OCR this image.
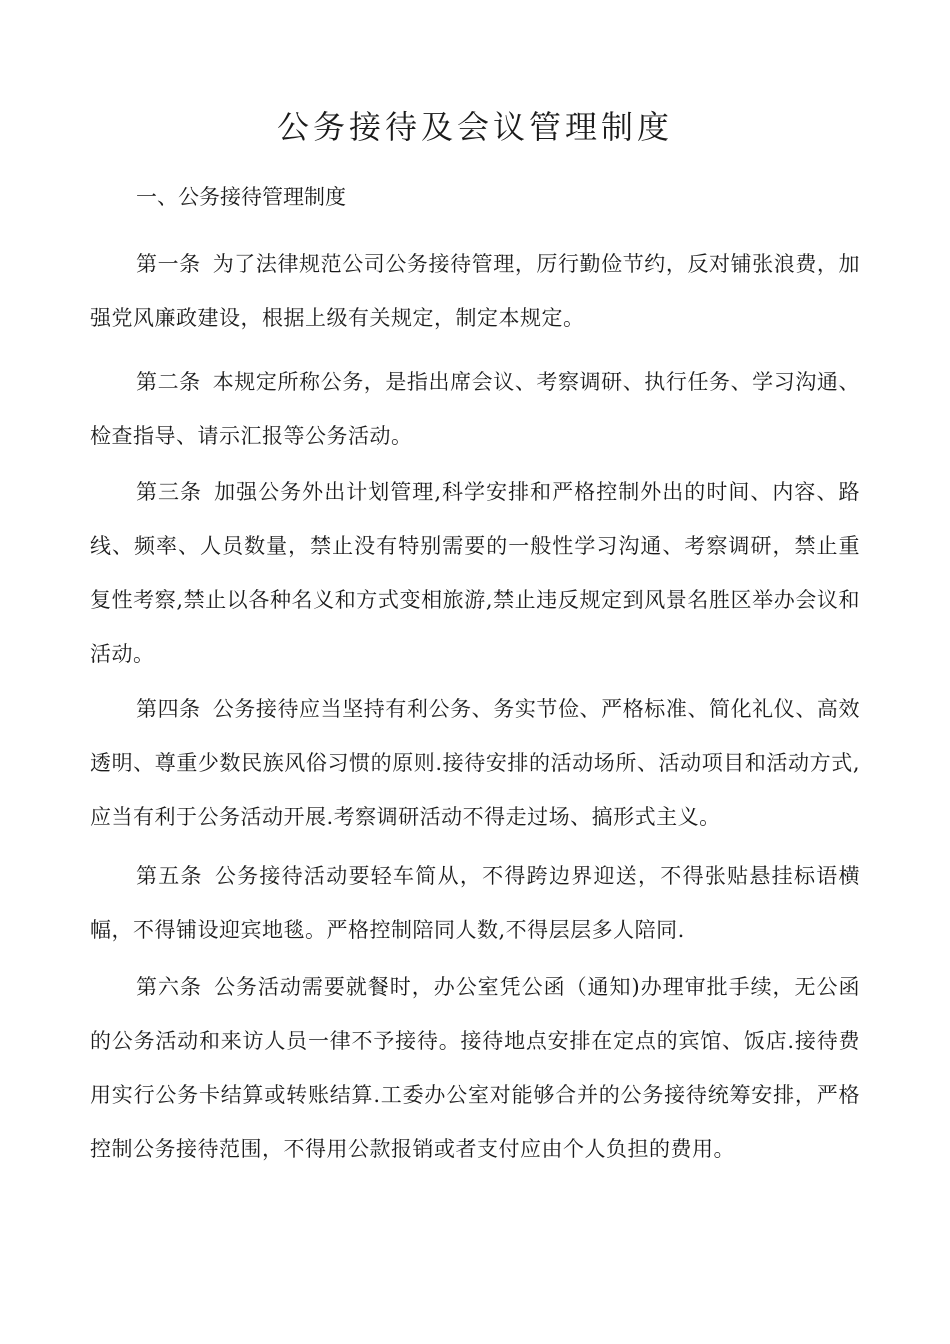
公务接待及会议管理制度
一、公务接待管理制度

第一条 为了法律规范公司公务接待管理，厉行勤俭节约，反对铺张浪费，加强党风廉政建设，根据上级有关规定，制定本规定。

第二条 本规定所称公务，是指出席会议、考察调研、执行任务、学习沟通、检查指导、请示汇报等公务活动。

第三条 加强公务外出计划管理,科学安排和严格控制外出的时间、内容、路线、频率、人员数量，禁止没有特别需要的一般性学习沟通、考察调研，禁止重复性考察,禁止以各种名义和方式变相旅游,禁止违反规定到风景名胜区举办会议和活动。

第四条 公务接待应当坚持有利公务、务实节俭、严格标准、简化礼仪、高效透明、尊重少数民族风俗习惯的原则.接待安排的活动场所、活动项目和活动方式,应当有利于公务活动开展.考察调研活动不得走过场、搞形式主义。

第五条 公务接待活动要轻车简从，不得跨边界迎送，不得张贴悬挂标语横幅，不得铺设迎宾地毯。严格控制陪同人数,不得层层多人陪同.

第六条 公务活动需要就餐时，办公室凭公函（通知)办理审批手续，无公函的公务活动和来访人员一律不予接待。接待地点安排在定点的宾馆、饭店.接待费用实行公务卡结算或转账结算.工委办公室对能够合并的公务接待统筹安排，严格控制公务接待范围，不得用公款报销或者支付应由个人负担的费用。
